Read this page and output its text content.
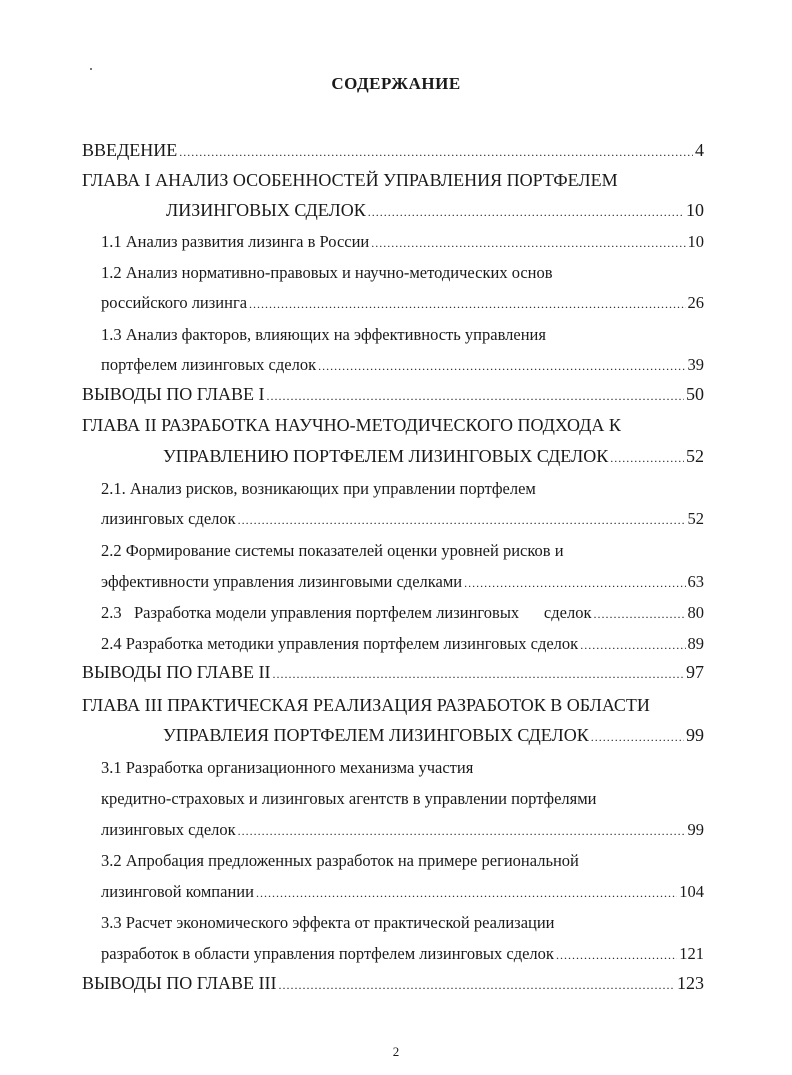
СОДЕРЖАНИЕ
ВВЕДЕНИЕ .....	4
ГЛАВА I АНАЛИЗ ОСОБЕННОСТЕЙ УПРАВЛЕНИЯ ПОРТФЕЛЕМ
ЛИЗИНГОВЫХ СДЕЛОК .....	10
1.1 Анализ развития лизинга в России .....	10
1.2 Анализ нормативно-правовых и научно-методических основ
российского лизинга .....	26
1.3 Анализ факторов, влияющих на эффективность управления
портфелем лизинговых сделок .....	39
ВЫВОДЫ ПО ГЛАВЕ I .....	50
ГЛАВА II РАЗРАБОТКА НАУЧНО-МЕТОДИЧЕСКОГО ПОДХОДА К
УПРАВЛЕНИЮ ПОРТФЕЛЕМ ЛИЗИНГОВЫХ СДЕЛОК .....	52
2.1. Анализ рисков, возникающих при управлении портфелем
лизинговых сделок .....	52
2.2 Формирование системы показателей оценки уровней рисков и
эффективности управления лизинговыми сделками .....	63
2.3   Разработка модели управления портфелем лизинговых      сделок .....	80
2.4 Разработка методики управления портфелем лизинговых сделок .....	89
ВЫВОДЫ ПО ГЛАВЕ II .....	97
ГЛАВА III ПРАКТИЧЕСКАЯ РЕАЛИЗАЦИЯ РАЗРАБОТОК В ОБЛАСТИ
УПРАВЛЕИЯ ПОРТФЕЛЕМ ЛИЗИНГОВЫХ СДЕЛОК .....	99
3.1 Разработка организационного механизма участия
кредитно-страховых и лизинговых агентств в управлении портфелями
лизинговых сделок .....	99
3.2 Апробация предложенных разработок на примере региональной
лизинговой компании .....	104
3.3 Расчет экономического эффекта от практической реализации
разработок в области управления портфелем лизинговых сделок .....	121
ВЫВОДЫ ПО ГЛАВЕ III .....	123
2
